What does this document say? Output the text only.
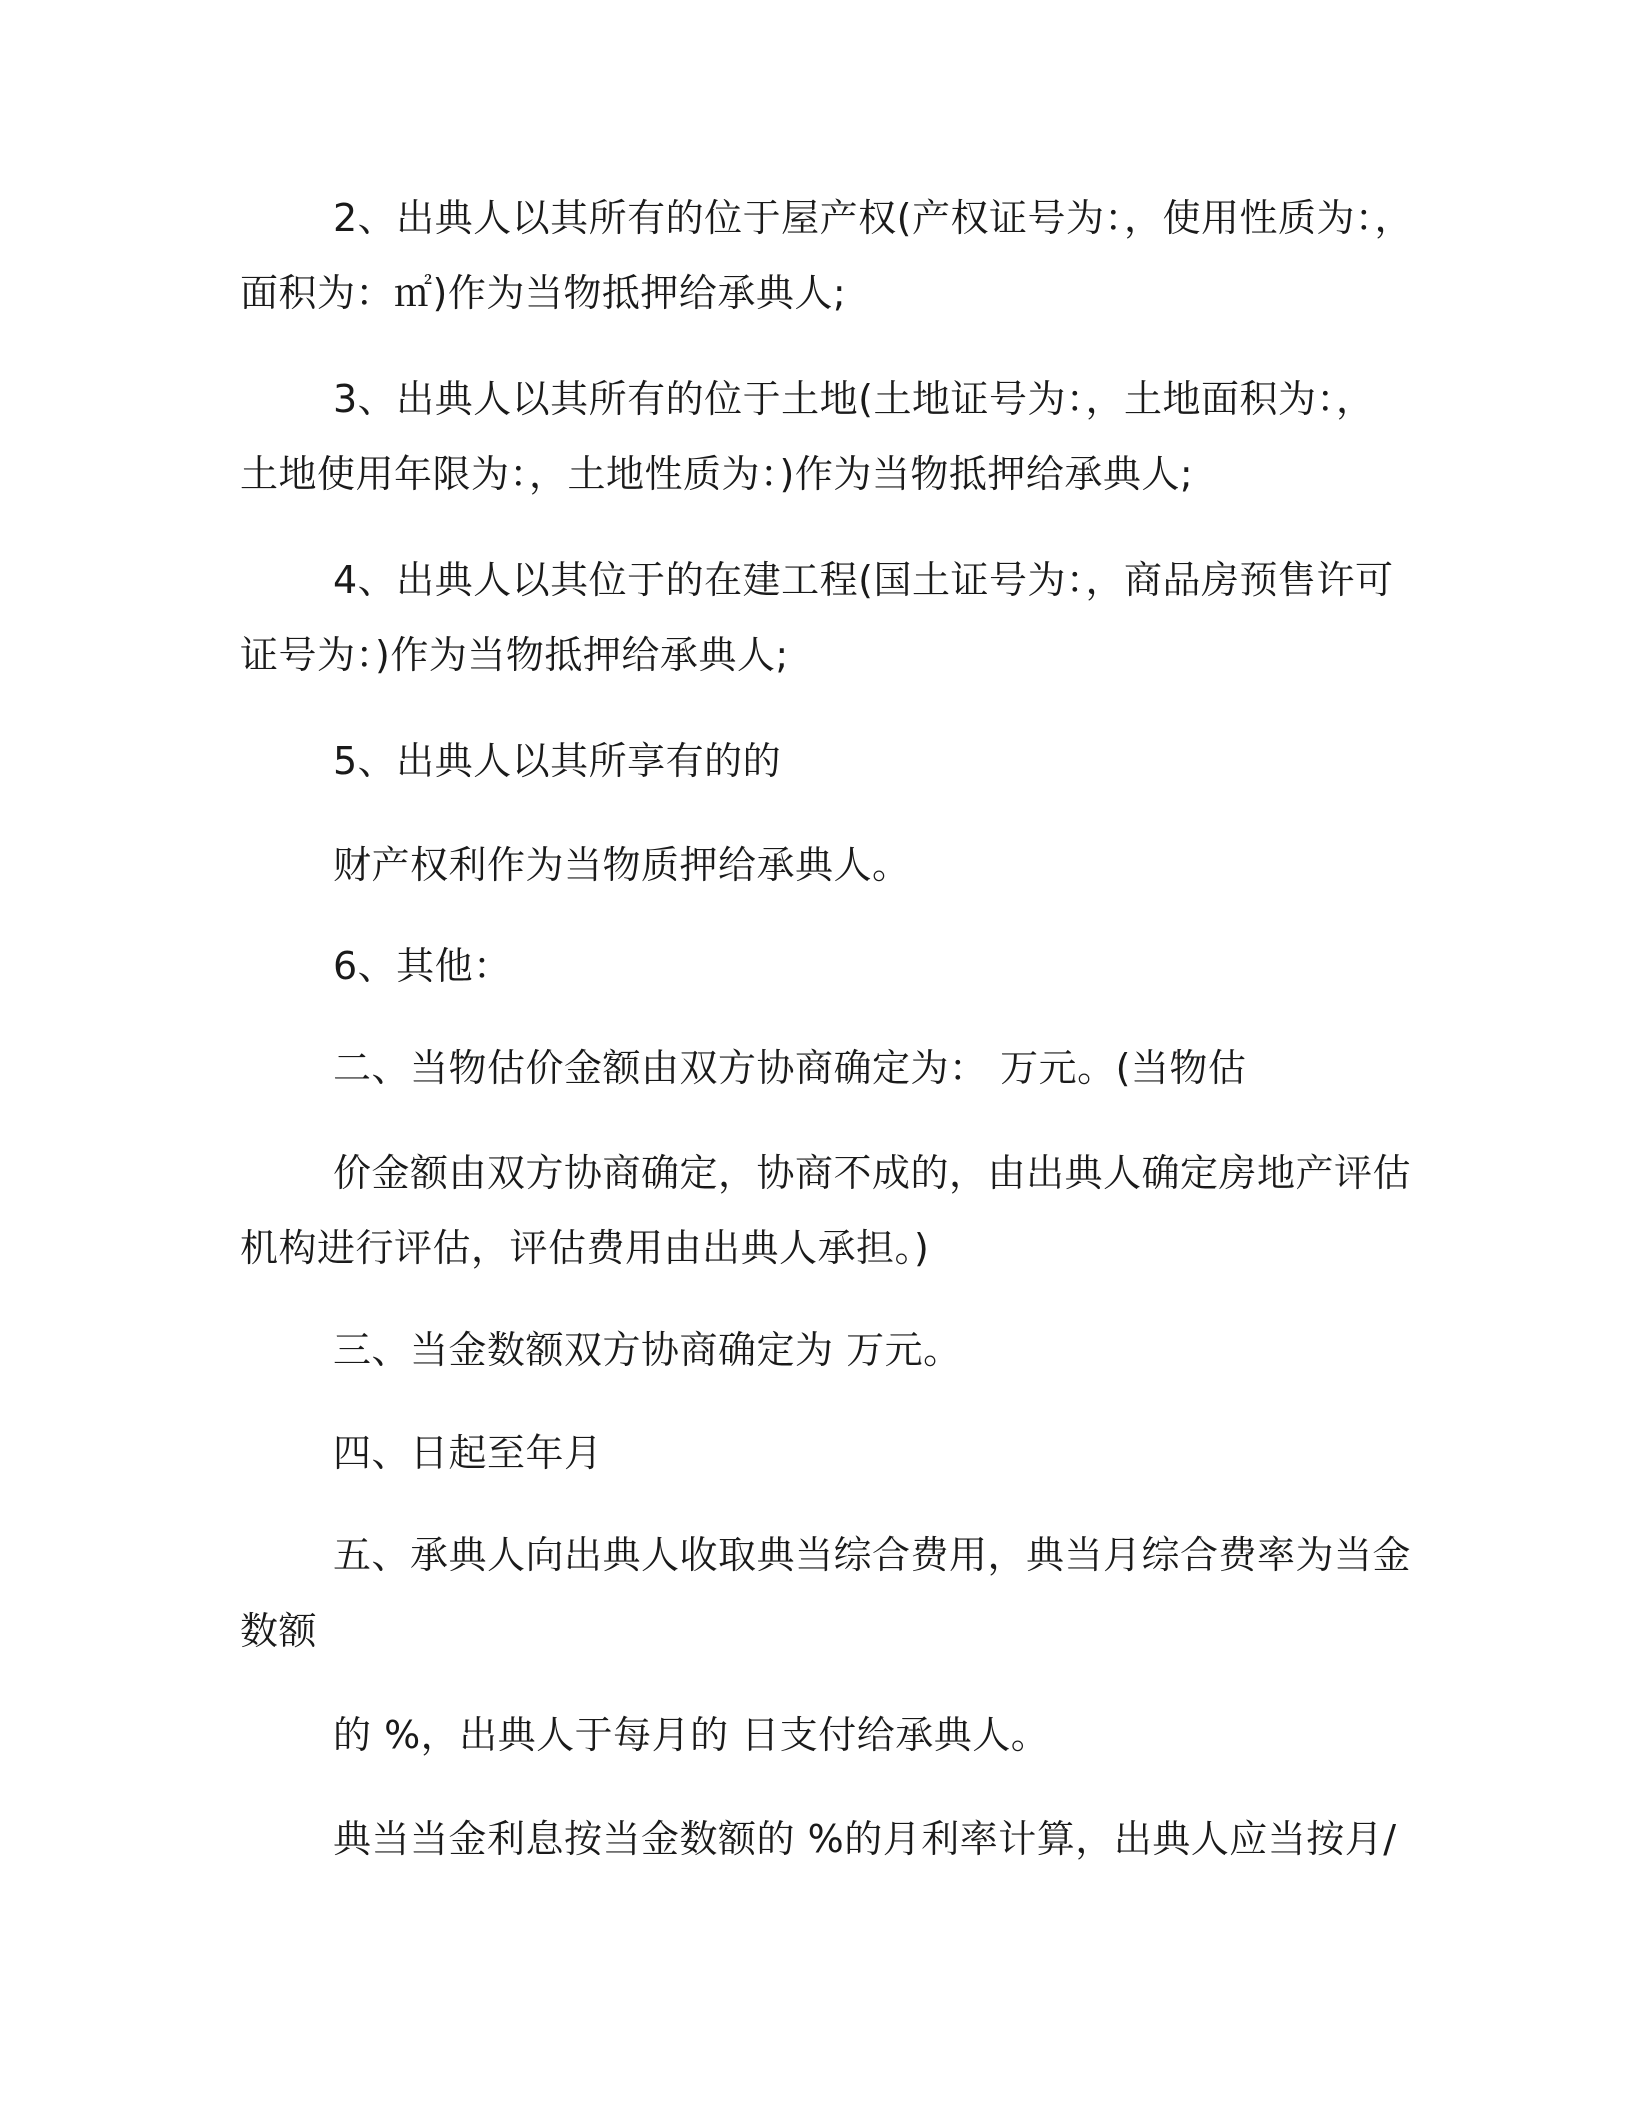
2、出典人以其所有的位于屋产权(产权证号为：，使用性质为：，

面积为：㎡)作为当物抵押给承典人;

3、出典人以其所有的位于土地(土地证号为：，土地面积为：，

土地使用年限为：，土地性质为：)作为当物抵押给承典人;

4、出典人以其位于的在建工程(国土证号为：，商品房预售许可

证号为：)作为当物抵押给承典人;

5、出典人以其所享有的的

财产权利作为当物质押给承典人。

6、其他：

二、当物估价金额由双方协商确定为： 万元。(当物估

价金额由双方协商确定，协商不成的，由出典人确定房地产评估

机构进行评估，评估费用由出典人承担。)

三、当金数额双方协商确定为 万元。

四、日起至年月

五、承典人向出典人收取典当综合费用，典当月综合费率为当金

数额

的 %，出典人于每月的 日支付给承典人。

典当当金利息按当金数额的 %的月利率计算，出典人应当按月/
